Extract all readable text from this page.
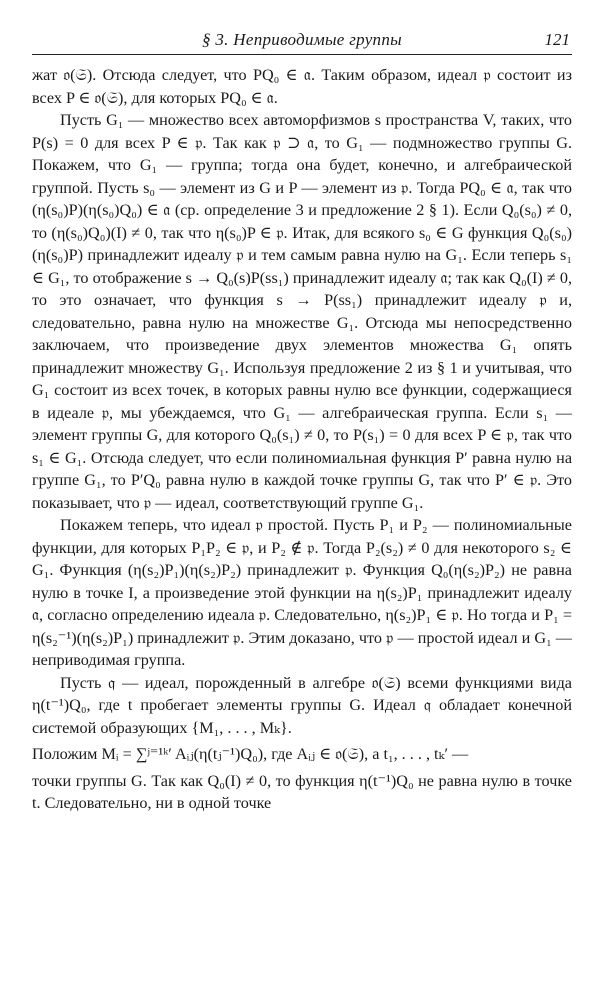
§ 3. Неприводимые группы	121

жат 𝔬(𝔖). Отсюда следует, что PQ₀ ∈ 𝔞. Таким образом, идеал 𝔭 состоит из всех P ∈ 𝔬(𝔖), для которых PQ₀ ∈ 𝔞.

Пусть G₁ — множество всех автоморфизмов s пространства V, таких, что P(s) = 0 для всех P ∈ 𝔭. Так как 𝔭 ⊃ 𝔞, то G₁ — подмножество группы G. Покажем, что G₁ — группа; тогда она будет, конечно, и алгебраической группой. Пусть s₀ — элемент из G и P — элемент из 𝔭. Тогда PQ₀ ∈ 𝔞, так что (η(s₀)P)(η(s₀)Q₀) ∈ 𝔞 (ср. определение 3 и предложение 2 § 1). Если Q₀(s₀) ≠ 0, то (η(s₀)Q₀)(I) ≠ 0, так что η(s₀)P ∈ 𝔭. Итак, для всякого s₀ ∈ G функция Q₀(s₀)(η(s₀)P) принадлежит идеалу 𝔭 и тем самым равна нулю на G₁. Если теперь s₁ ∈ G₁, то отображение s → Q₀(s)P(ss₁) принадлежит идеалу 𝔞; так как Q₀(I) ≠ 0, то это означает, что функция s → P(ss₁) принадлежит идеалу 𝔭 и, следовательно, равна нулю на множестве G₁. Отсюда мы непосредственно заключаем, что произведение двух элементов множества G₁ опять принадлежит множеству G₁. Используя предложение 2 из § 1 и учитывая, что G₁ состоит из всех точек, в которых равны нулю все функции, содержащиеся в идеале 𝔭, мы убеждаемся, что G₁ — алгебраическая группа. Если s₁ — элемент группы G, для которого Q₀(s₁) ≠ 0, то P(s₁) = 0 для всех P ∈ 𝔭, так что s₁ ∈ G₁. Отсюда следует, что если полиномиальная функция P′ равна нулю на группе G₁, то P′Q₀ равна нулю в каждой точке группы G, так что P′ ∈ 𝔭. Это показывает, что 𝔭 — идеал, соответствующий группе G₁.

Покажем теперь, что идеал 𝔭 простой. Пусть P₁ и P₂ — полиномиальные функции, для которых P₁P₂ ∈ 𝔭, и P₂ ∉ 𝔭. Тогда P₂(s₂) ≠ 0 для некоторого s₂ ∈ G₁. Функция (η(s₂)P₁)(η(s₂)P₂) принадлежит 𝔭. Функция Q₀(η(s₂)P₂) не равна нулю в точке I, а произведение этой функции на η(s₂)P₁ принадлежит идеалу 𝔞, согласно определению идеала 𝔭. Следовательно, η(s₂)P₁ ∈ 𝔭. Но тогда и P₁ = η(s₂⁻¹)(η(s₂)P₁) принадлежит 𝔭. Этим доказано, что 𝔭 — простой идеал и G₁ — неприводимая группа.

Пусть 𝔮 — идеал, порожденный в алгебре 𝔬(𝔖) всеми функциями вида η(t⁻¹)Q₀, где t пробегает элементы группы G. Идеал 𝔮 обладает конечной системой образующих {M₁, . . . , Mₖ}.

Положим Mᵢ = ∑ʲ⁼¹ᵏ′ Aᵢⱼ(η(tⱼ⁻¹)Q₀), где Aᵢⱼ ∈ 𝔬(𝔖), а t₁, . . . , tₖ′ —

точки группы G. Так как Q₀(I) ≠ 0, то функция η(t⁻¹)Q₀ не равна нулю в точке t. Следовательно, ни в одной точке
